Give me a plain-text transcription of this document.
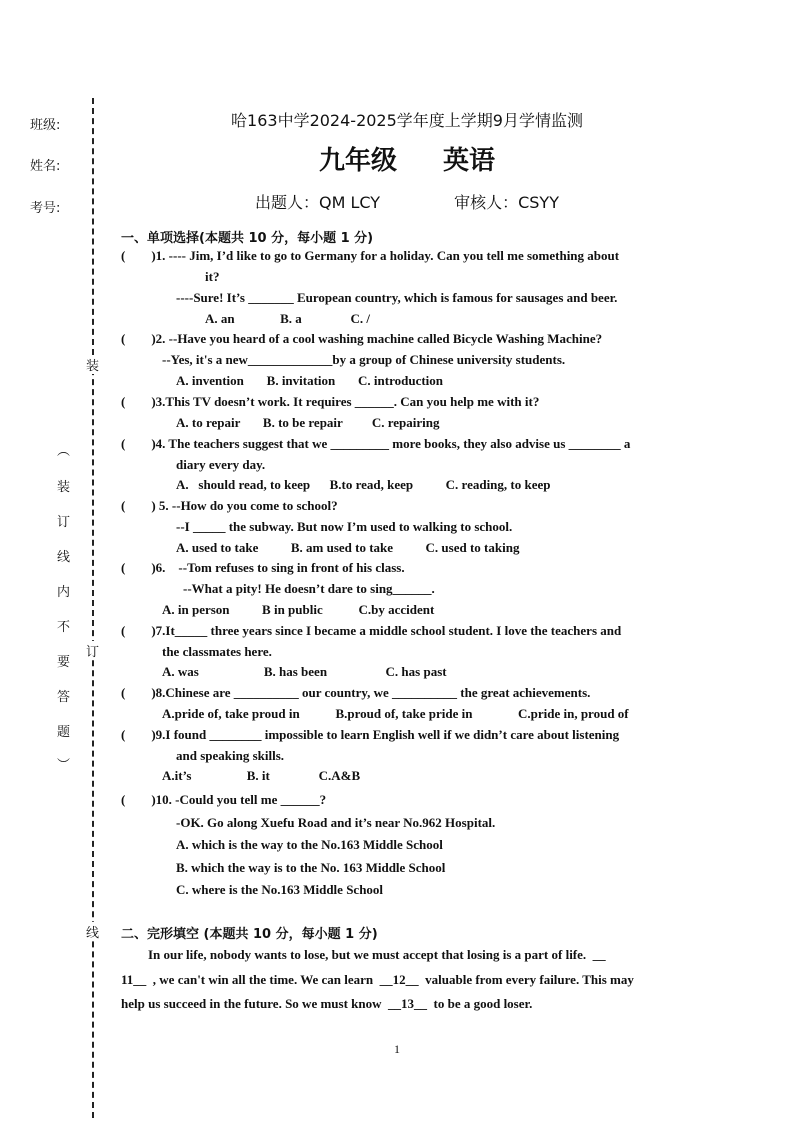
班级:
姓名:
考号:
装
订
线
︵
装
订
线
内
不
要
答
题
︶
哈163中学2024-2025学年度上学期9月学情监测
九年级 英语
出题人：QM LCY	审核人：CSYY
一、单项选择(本题共 10 分，每小题 1 分)
(        )1. ---- Jim, I’d like to go to Germany for a holiday. Can you tell me something about
it?
----Sure! It’s _______ European country, which is famous for sausages and beer.
A. an              B. a               C. /
(        )2. --Have you heard of a cool washing machine called Bicycle Washing Machine?
--Yes, it's a new_____________by a group of Chinese university students.
A. invention       B. invitation       C. introduction
(        )3.This TV doesn’t work. It requires ______. Can you help me with it?
A. to repair       B. to be repair         C. repairing
(        )4. The teachers suggest that we _________ more books, they also advise us ________ a
diary every day.
A.   should read, to keep      B.to read, keep          C. reading, to keep
(        ) 5. --How do you come to school?
--I _____ the subway. But now I’m used to walking to school.
A. used to take          B. am used to take          C. used to taking
(        )6.    --Tom refuses to sing in front of his class.
--What a pity! He doesn’t dare to sing______.
A. in person          B in public           C.by accident
(        )7.It_____ three years since I became a middle school student. I love the teachers and
the classmates here.
A. was                    B. has been                  C. has past
(        )8.Chinese are __________ our country, we __________ the great achievements.
A.pride of, take proud in           B.proud of, take pride in              C.pride in, proud of
(        )9.I found ________ impossible to learn English well if we didn’t care about listening
and speaking skills.
A.it’s                 B. it               C.A&B
(        )10. -Could you tell me ______?
-OK. Go along Xuefu Road and it’s near No.962 Hospital.
A. which is the way to the No.163 Middle School
B. which the way is to the No. 163 Middle School
C. where is the No.163 Middle School
二、完形填空 (本题共 10 分，每小题 1 分)
In our life, nobody wants to lose, but we must accept that losing is a part of life.  __
11__  , we can't win all the time. We can learn  __12__  valuable from every failure. This may
help us succeed in the future. So we must know  __13__  to be a good loser.
1
